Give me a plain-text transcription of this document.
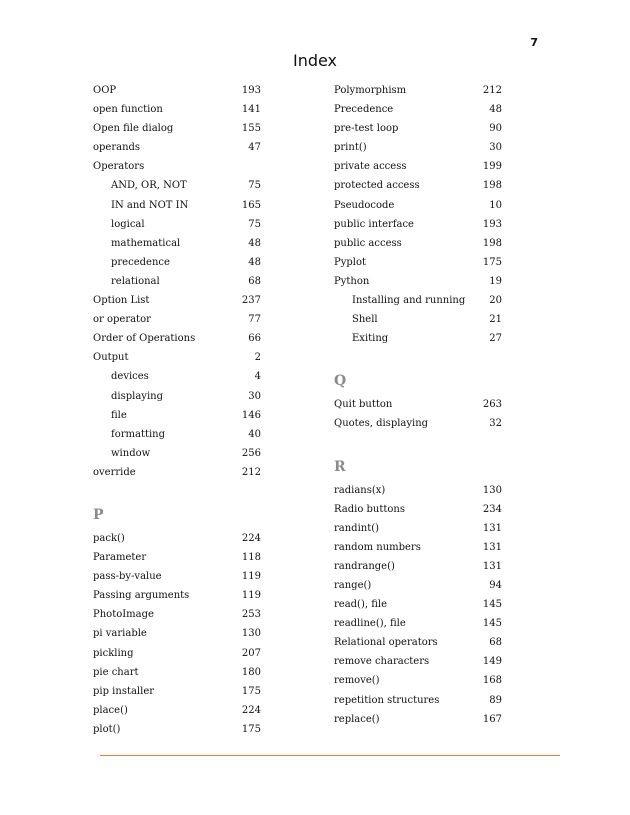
7
Index
OOP	193
open function	141
Open file dialog	155
operands	47
Operators
AND, OR, NOT	75
IN and NOT IN	165
logical	75
mathematical	48
precedence	48
relational	68
Option List	237
or operator	77
Order of Operations	66
Output	2
devices	4
displaying	30
file	146
formatting	40
window	256
override	212
P
pack()	224
Parameter	118
pass-by-value	119
Passing arguments	119
PhotoImage	253
pi variable	130
pickling	207
pie chart	180
pip installer	175
place()	224
plot()	175
Polymorphism	212
Precedence	48
pre-test loop	90
print()	30
private access	199
protected access	198
Pseudocode	10
public interface	193
public access	198
Pyplot	175
Python	19
Installing and running 20
Shell	21
Exiting	27
Q
Quit button	263
Quotes, displaying	32
R
radians(x)	130
Radio buttons	234
randint()	131
random numbers	131
randrange()	131
range()	94
read(), file	145
readline(), file	145
Relational operators	68
remove characters	149
remove()	168
repetition structures	89
replace()	167
